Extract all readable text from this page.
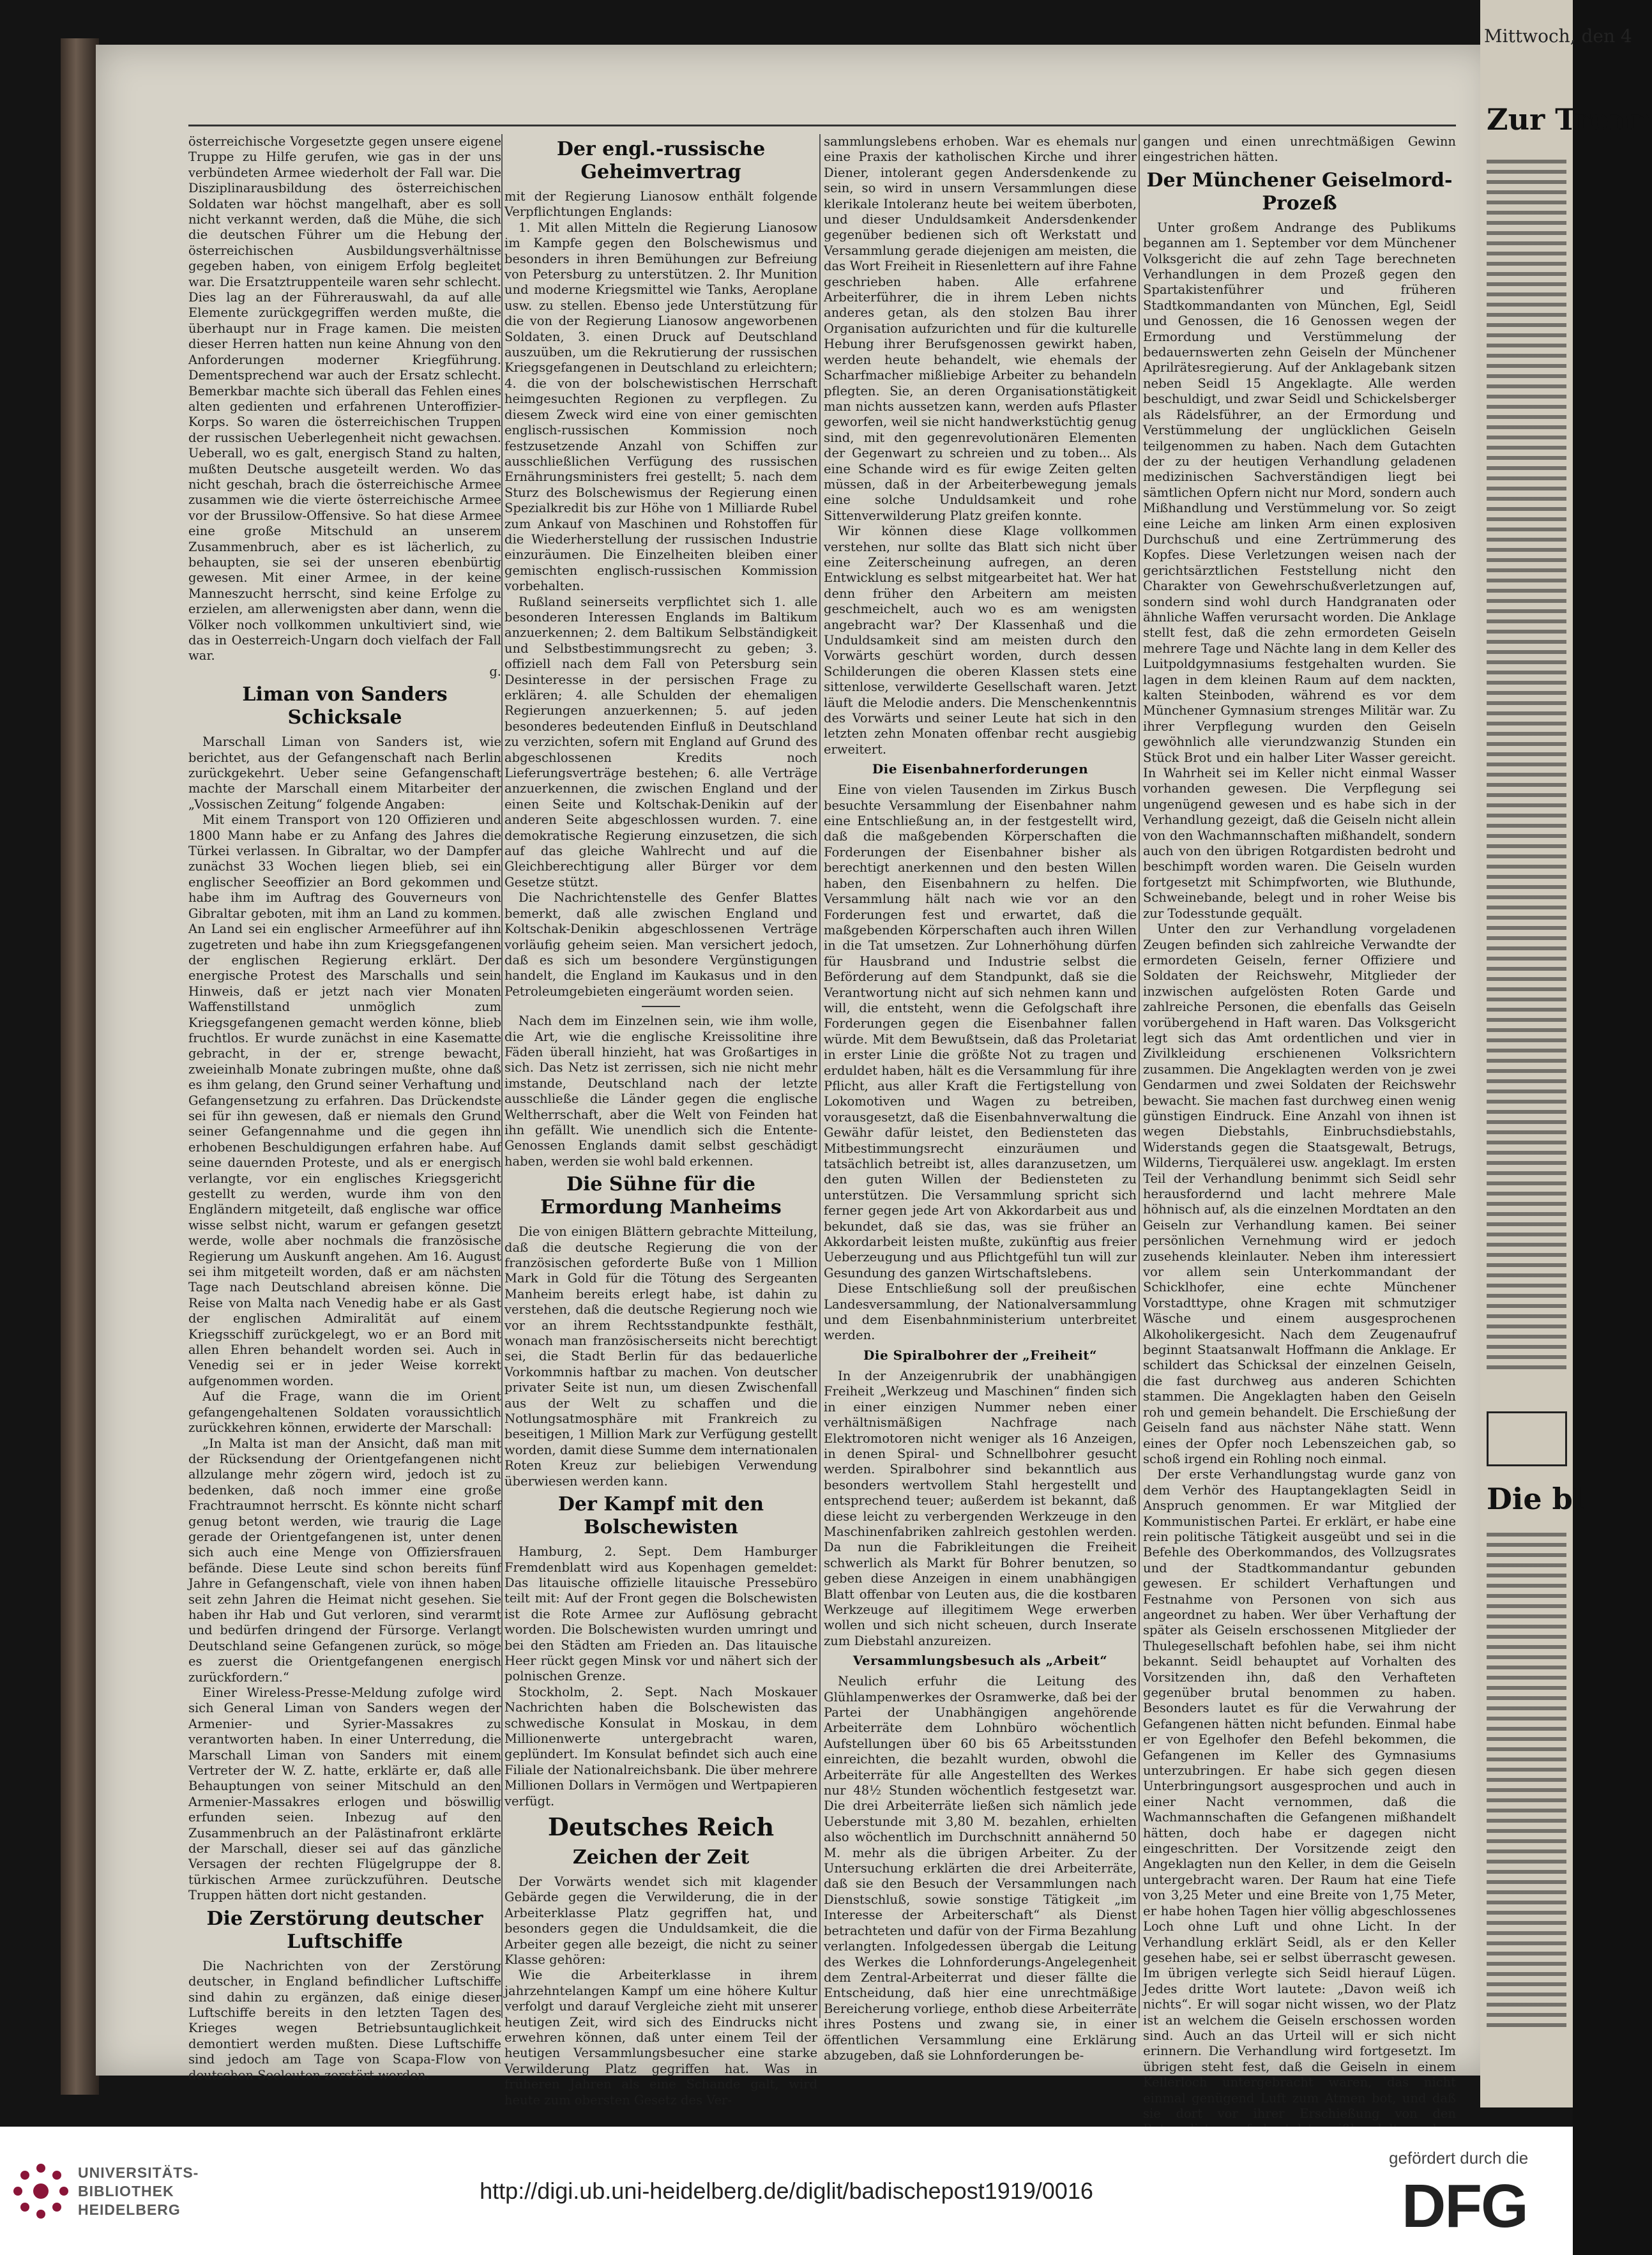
Mittwoch, den 4
Zur Trenn
Die bl

österreichische Vorgesetzte gegen unsere eigene Truppe zu Hilfe gerufen, wie gas in der uns verbündeten Armee wiederholt der Fall war. Die Disziplinarausbildung des österreichischen Soldaten war höchst mangelhaft, aber es soll nicht verkannt werden, daß die Mühe, die sich die deutschen Führer um die Hebung der österreichischen Ausbildungsverhältnisse gegeben haben, von einigem Erfolg begleitet war. Die Ersatztruppenteile waren sehr schlecht. Dies lag an der Führerauswahl, da auf alle Elemente zurückgegriffen werden mußte, die überhaupt nur in Frage kamen. Die meisten dieser Herren hatten nun keine Ahnung von den Anforderungen moderner Kriegführung. Dementsprechend war auch der Ersatz schlecht. Bemerkbar machte sich überall das Fehlen eines alten gedienten und erfahrenen Unteroffizier-Korps. So waren die österreichischen Truppen der russischen Ueberlegenheit nicht gewachsen. Ueberall, wo es galt, energisch Stand zu halten, mußten Deutsche ausgeteilt werden. Wo das nicht geschah, brach die österreichische Armee zusammen wie die vierte österreichische Armee vor der Brussilow-Offensive. So hat diese Armee eine große Mitschuld an unserem Zusammenbruch, aber es ist lächerlich, zu behaupten, sie sei der unseren ebenbürtig gewesen. Mit einer Armee, in der keine Manneszucht herrscht, sind keine Erfolge zu erzielen, am allerwenigsten aber dann, wenn die Völker noch vollkommen unkultiviert sind, wie das in Oesterreich-Ungarn doch vielfach der Fall war.

g.
Liman von Sanders Schicksale

Marschall Liman von Sanders ist, wie berichtet, aus der Gefangenschaft nach Berlin zurückgekehrt. Ueber seine Gefangenschaft machte der Marschall einem Mitarbeiter der „Vossischen Zeitung“ folgende Angaben:

Mit einem Transport von 120 Offizieren und 1800 Mann habe er zu Anfang des Jahres die Türkei verlassen. In Gibraltar, wo der Dampfer zunächst 33 Wochen liegen blieb, sei ein englischer Seeoffizier an Bord gekommen und habe ihm im Auftrag des Gouverneurs von Gibraltar geboten, mit ihm an Land zu kommen. An Land sei ein englischer Armeeführer auf ihn zugetreten und habe ihn zum Kriegsgefangenen der englischen Regierung erklärt. Der energische Protest des Marschalls und sein Hinweis, daß er jetzt nach vier Monaten Waffenstillstand unmöglich zum Kriegsgefangenen gemacht werden könne, blieb fruchtlos. Er wurde zunächst in eine Kasematte gebracht, in der er, strenge bewacht, zweieinhalb Monate zubringen mußte, ohne daß es ihm gelang, den Grund seiner Verhaftung und Gefangensetzung zu erfahren. Das Drückendste sei für ihn gewesen, daß er niemals den Grund seiner Gefangennahme und die gegen ihn erhobenen Beschuldigungen erfahren habe. Auf seine dauernden Proteste, und als er energisch verlangte, vor ein englisches Kriegsgericht gestellt zu werden, wurde ihm von den Engländern mitgeteilt, daß englische war office wisse selbst nicht, warum er gefangen gesetzt werde, wolle aber nochmals die französische Regierung um Auskunft angehen. Am 16. August sei ihm mitgeteilt worden, daß er am nächsten Tage nach Deutschland abreisen könne. Die Reise von Malta nach Venedig habe er als Gast der englischen Admiralität auf einem Kriegsschiff zurückgelegt, wo er an Bord mit allen Ehren behandelt worden sei. Auch in Venedig sei er in jeder Weise korrekt aufgenommen worden.

Auf die Frage, wann die im Orient gefangengehaltenen Soldaten voraussichtlich zurückkehren können, erwiderte der Marschall:

„In Malta ist man der Ansicht, daß man mit der Rücksendung der Orientgefangenen nicht allzulange mehr zögern wird, jedoch ist zu bedenken, daß noch immer eine große Frachtraumnot herrscht. Es könnte nicht scharf genug betont werden, wie traurig die Lage gerade der Orientgefangenen ist, unter denen sich auch eine Menge von Offiziersfrauen befände. Diese Leute sind schon bereits fünf Jahre in Gefangenschaft, viele von ihnen haben seit zehn Jahren die Heimat nicht gesehen. Sie haben ihr Hab und Gut verloren, sind verarmt und bedürfen dringend der Fürsorge. Verlangt Deutschland seine Gefangenen zurück, so möge es zuerst die Orientgefangenen energisch zurückfordern.“

Einer Wireless-Presse-Meldung zufolge wird sich General Liman von Sanders wegen der Armenier- und Syrier-Massakres zu verantworten haben. In einer Unterredung, die Marschall Liman von Sanders mit einem Vertreter der W. Z. hatte, erklärte er, daß alle Behauptungen von seiner Mitschuld an den Armenier-Massakres erlogen und böswillig erfunden seien. Inbezug auf den Zusammenbruch an der Palästinafront erklärte der Marschall, dieser sei auf das gänzliche Versagen der rechten Flügelgruppe der 8. türkischen Armee zurückzuführen. Deutsche Truppen hätten dort nicht gestanden.

Die Zerstörung deutscher Luftschiffe

Die Nachrichten von der Zerstörung deutscher, in England befindlicher Luftschiffe sind dahin zu ergänzen, daß einige dieser Luftschiffe bereits in den letzten Tagen des Krieges wegen Betriebsuntauglichkeit demontiert werden mußten. Diese Luftschiffe sind jedoch am Tage von Scapa-Flow von deutschen Seeleuten zerstört worden.

Der engl.-russische Geheimvertrag

mit der Regierung Lianosow enthält folgende Verpflichtungen Englands:

1. Mit allen Mitteln die Regierung Lianosow im Kampfe gegen den Bolschewismus und besonders in ihren Bemühungen zur Befreiung von Petersburg zu unterstützen. 2. Ihr Munition und moderne Kriegsmittel wie Tanks, Aeroplane usw. zu stellen. Ebenso jede Unterstützung für die von der Regierung Lianosow angeworbenen Soldaten, 3. einen Druck auf Deutschland auszuüben, um die Rekrutierung der russischen Kriegsgefangenen in Deutschland zu erleichtern; 4. die von der bolschewistischen Herrschaft heimgesuchten Regionen zu verpflegen. Zu diesem Zweck wird eine von einer gemischten englisch-russischen Kommission noch festzusetzende Anzahl von Schiffen zur ausschließlichen Verfügung des russischen Ernährungsministers frei gestellt; 5. nach dem Sturz des Bolschewismus der Regierung einen Spezialkredit bis zur Höhe von 1 Milliarde Rubel zum Ankauf von Maschinen und Rohstoffen für die Wiederherstellung der russischen Industrie einzuräumen. Die Einzelheiten bleiben einer gemischten englisch-russischen Kommission vorbehalten.

Rußland seinerseits verpflichtet sich 1. alle besonderen Interessen Englands im Baltikum anzuerkennen; 2. dem Baltikum Selbständigkeit und Selbstbestimmungsrecht zu geben; 3. offiziell nach dem Fall von Petersburg sein Desinteresse in der persischen Frage zu erklären; 4. alle Schulden der ehemaligen Regierungen anzuerkennen; 5. auf jeden besonderes bedeutenden Einfluß in Deutschland zu verzichten, sofern mit England auf Grund des abgeschlossenen Kredits noch Lieferungsverträge bestehen; 6. alle Verträge anzuerkennen, die zwischen England und der einen Seite und Koltschak-Denikin auf der anderen Seite abgeschlossen wurden. 7. eine demokratische Regierung einzusetzen, die sich auf das gleiche Wahlrecht und auf die Gleichberechtigung aller Bürger vor dem Gesetze stützt.

Die Nachrichtenstelle des Genfer Blattes bemerkt, daß alle zwischen England und Koltschak-Denikin abgeschlossenen Verträge vorläufig geheim seien. Man versichert jedoch, daß es sich um besondere Vergünstigungen handelt, die England im Kaukasus und in den Petroleumgebieten eingeräumt worden seien.

Nach dem im Einzelnen sein, wie ihm wolle, die Art, wie die englische Kreissolitine ihre Fäden überall hinzieht, hat was Großartiges in sich. Das Netz ist zerrissen, sich nie nicht mehr imstande, Deutschland nach der letzte ausschließe die Länder gegen die englische Weltherrschaft, aber die Welt von Feinden hat ihn gefällt. Wie unendlich sich die Entente-Genossen Englands damit selbst geschädigt haben, werden sie wohl bald erkennen.

Die Sühne für die Ermordung Manheims

Die von einigen Blättern gebrachte Mitteilung, daß die deutsche Regierung die von der französischen geforderte Buße von 1 Million Mark in Gold für die Tötung des Sergeanten Manheim bereits erlegt habe, ist dahin zu verstehen, daß die deutsche Regierung noch wie vor an ihrem Rechtsstandpunkte festhält, wonach man französischerseits nicht berechtigt sei, die Stadt Berlin für das bedauerliche Vorkommnis haftbar zu machen. Von deutscher privater Seite ist nun, um diesen Zwischenfall aus der Welt zu schaffen und die Notlungsatmosphäre mit Frankreich zu beseitigen, 1 Million Mark zur Verfügung gestellt worden, damit diese Summe dem internationalen Roten Kreuz zur beliebigen Verwendung überwiesen werden kann.

Der Kampf mit den Bolschewisten

Hamburg, 2. Sept. Dem Hamburger Fremdenblatt wird aus Kopenhagen gemeldet: Das litauische offizielle litauische Pressebüro teilt mit: Auf der Front gegen die Bolschewisten ist die Rote Armee zur Auflösung gebracht worden. Die Bolschewisten wurden umringt und bei den Städten am Frieden an. Das litauische Heer rückt gegen Minsk vor und nähert sich der polnischen Grenze.

Stockholm, 2. Sept. Nach Moskauer Nachrichten haben die Bolschewisten das schwedische Konsulat in Moskau, in dem Millionenwerte untergebracht waren, geplündert. Im Konsulat befindet sich auch eine Filiale der Nationalreichsbank. Die über mehrere Millionen Dollars in Vermögen und Wertpapieren verfügt.

Deutsches Reich
Zeichen der Zeit

Der Vorwärts wendet sich mit klagender Gebärde gegen die Verwilderung, die in der Arbeiterklasse Platz gegriffen hat, und besonders gegen die Unduldsamkeit, die die Arbeiter gegen alle bezeigt, die nicht zu seiner Klasse gehören:

Wie die Arbeiterklasse in ihrem jahrzehntelangen Kampf um eine höhere Kultur verfolgt und darauf Vergleiche zieht mit unserer heutigen Zeit, wird sich des Eindrucks nicht erwehren können, daß unter einem Teil der heutigen Versammlungsbesucher eine starke Verwilderung Platz gegriffen hat. Was in früheren Jahren als eine Schande galt, wird heute zum obersten Gesetz des Ver-

sammlungslebens erhoben. War es ehemals nur eine Praxis der katholischen Kirche und ihrer Diener, intolerant gegen Andersdenkende zu sein, so wird in unsern Versammlungen diese klerikale Intoleranz heute bei weitem überboten, und dieser Unduldsamkeit Andersdenkender gegenüber bedienen sich oft Werkstatt und Versammlung gerade diejenigen am meisten, die das Wort Freiheit in Riesenlettern auf ihre Fahne geschrieben haben. Alle erfahrene Arbeiterführer, die in ihrem Leben nichts anderes getan, als den stolzen Bau ihrer Organisation aufzurichten und für die kulturelle Hebung ihrer Berufsgenossen gewirkt haben, werden heute behandelt, wie ehemals der Scharfmacher mißliebige Arbeiter zu behandeln pflegten. Sie, an deren Organisationstätigkeit man nichts aussetzen kann, werden aufs Pflaster geworfen, weil sie nicht handwerkstüchtig genug sind, mit den gegenrevolutionären Elementen der Gegenwart zu schreien und zu toben... Als eine Schande wird es für ewige Zeiten gelten müssen, daß in der Arbeiterbewegung jemals eine solche Unduldsamkeit und rohe Sittenverwilderung Platz greifen konnte.

Wir können diese Klage vollkommen verstehen, nur sollte das Blatt sich nicht über eine Zeiterscheinung aufregen, an deren Entwicklung es selbst mitgearbeitet hat. Wer hat denn früher den Arbeitern am meisten geschmeichelt, auch wo es am wenigsten angebracht war? Der Klassenhaß und die Unduldsamkeit sind am meisten durch den Vorwärts geschürt worden, durch dessen Schilderungen die oberen Klassen stets eine sittenlose, verwilderte Gesellschaft waren. Jetzt läuft die Melodie anders. Die Menschenkenntnis des Vorwärts und seiner Leute hat sich in den letzten zehn Monaten offenbar recht ausgiebig erweitert.

Die Eisenbahnerforderungen

Eine von vielen Tausenden im Zirkus Busch besuchte Versammlung der Eisenbahner nahm eine Entschließung an, in der festgestellt wird, daß die maßgebenden Körperschaften die Forderungen der Eisenbahner bisher als berechtigt anerkennen und den besten Willen haben, den Eisenbahnern zu helfen. Die Versammlung hält nach wie vor an den Forderungen fest und erwartet, daß die maßgebenden Körperschaften auch ihren Willen in die Tat umsetzen. Zur Lohnerhöhung dürfen für Hausbrand und Industrie selbst die Beförderung auf dem Standpunkt, daß sie die Verantwortung nicht auf sich nehmen kann und will, die entsteht, wenn die Gefolgschaft ihre Forderungen gegen die Eisenbahner fallen würde. Mit dem Bewußtsein, daß das Proletariat in erster Linie die größte Not zu tragen und erduldet haben, hält es die Versammlung für ihre Pflicht, aus aller Kraft die Fertigstellung von Lokomotiven und Wagen zu betreiben, vorausgesetzt, daß die Eisenbahnverwaltung die Gewähr dafür leistet, den Bediensteten das Mitbestimmungsrecht einzuräumen und tatsächlich betreibt ist, alles daranzusetzen, um den guten Willen der Bediensteten zu unterstützen. Die Versammlung spricht sich ferner gegen jede Art von Akkordarbeit aus und bekundet, daß sie das, was sie früher an Akkordarbeit leisten mußte, zukünftig aus freier Ueberzeugung und aus Pflichtgefühl tun will zur Gesundung des ganzen Wirtschaftslebens.

Diese Entschließung soll der preußischen Landesversammlung, der Nationalversammlung und dem Eisenbahnministerium unterbreitet werden.

Die Spiralbohrer der „Freiheit“

In der Anzeigenrubrik der unabhängigen Freiheit „Werkzeug und Maschinen“ finden sich in einer einzigen Nummer neben einer verhältnismäßigen Nachfrage nach Elektromotoren nicht weniger als 16 Anzeigen, in denen Spiral- und Schnellbohrer gesucht werden. Spiralbohrer sind bekanntlich aus besonders wertvollem Stahl hergestellt und entsprechend teuer; außerdem ist bekannt, daß diese leicht zu verbergenden Werkzeuge in den Maschinenfabriken zahlreich gestohlen werden. Da nun die Fabrikleitungen die Freiheit schwerlich als Markt für Bohrer benutzen, so geben diese Anzeigen in einem unabhängigen Blatt offenbar von Leuten aus, die die kostbaren Werkzeuge auf illegitimem Wege erwerben wollen und sich nicht scheuen, durch Inserate zum Diebstahl anzureizen.

Versammlungsbesuch als „Arbeit“

Neulich erfuhr die Leitung des Glühlampenwerkes der Osramwerke, daß bei der Partei der Unabhängigen angehörende Arbeiterräte dem Lohnbüro wöchentlich Aufstellungen über 60 bis 65 Arbeitsstunden einreichten, die bezahlt wurden, obwohl die Arbeiterräte für alle Angestellten des Werkes nur 48½ Stunden wöchentlich festgesetzt war. Die drei Arbeiterräte ließen sich nämlich jede Ueberstunde mit 3,80 M. bezahlen, erhielten also wöchentlich im Durchschnitt annähernd 50 M. mehr als die übrigen Arbeiter. Zu der Untersuchung erklärten die drei Arbeiterräte, daß sie den Besuch der Versammlungen nach Dienstschluß, sowie sonstige Tätigkeit „im Interesse der Arbeiterschaft“ als Dienst betrachteten und dafür von der Firma Bezahlung verlangten. Infolgedessen übergab die Leitung des Werkes die Lohnforderungs-Angelegenheit dem Zentral-Arbeiterrat und dieser fällte die Entscheidung, daß hier eine unrechtmäßige Bereicherung vorliege, enthob diese Arbeiterräte ihres Postens und zwang sie, in einer öffentlichen Versammlung eine Erklärung abzugeben, daß sie Lohnforderungen be-

gangen und einen unrechtmäßigen Gewinn eingestrichen hätten.

Der Münchener Geiselmord-Prozeß

Unter großem Andrange des Publikums begannen am 1. September vor dem Münchener Volksgericht die auf zehn Tage berechneten Verhandlungen in dem Prozeß gegen den Spartakistenführer und früheren Stadtkommandanten von München, Egl, Seidl und Genossen, die 16 Genossen wegen der Ermordung und Verstümmelung der bedauernswerten zehn Geiseln der Münchener Aprilrätesregierung. Auf der Anklagebank sitzen neben Seidl 15 Angeklagte. Alle werden beschuldigt, und zwar Seidl und Schickelsberger als Rädelsführer, an der Ermordung und Verstümmelung der unglücklichen Geiseln teilgenommen zu haben. Nach dem Gutachten der zu der heutigen Verhandlung geladenen medizinischen Sachverständigen liegt bei sämtlichen Opfern nicht nur Mord, sondern auch Mißhandlung und Verstümmelung vor. So zeigt eine Leiche am linken Arm einen explosiven Durchschuß und eine Zertrümmerung des Kopfes. Diese Verletzungen weisen nach der gerichtsärztlichen Feststellung nicht den Charakter von Gewehrschußverletzungen auf, sondern sind wohl durch Handgranaten oder ähnliche Waffen verursacht worden. Die Anklage stellt fest, daß die zehn ermordeten Geiseln mehrere Tage und Nächte lang in dem Keller des Luitpoldgymnasiums festgehalten wurden. Sie lagen in dem kleinen Raum auf dem nackten, kalten Steinboden, während es vor dem Münchener Gymnasium strenges Militär war. Zu ihrer Verpflegung wurden den Geiseln gewöhnlich alle vierundzwanzig Stunden ein Stück Brot und ein halber Liter Wasser gereicht. In Wahrheit sei im Keller nicht einmal Wasser vorhanden gewesen. Die Verpflegung sei ungenügend gewesen und es habe sich in der Verhandlung gezeigt, daß die Geiseln nicht allein von den Wachmannschaften mißhandelt, sondern auch von den übrigen Rotgardisten bedroht und beschimpft worden waren. Die Geiseln wurden fortgesetzt mit Schimpfworten, wie Bluthunde, Schweinebande, belegt und in roher Weise bis zur Todesstunde gequält.

Unter den zur Verhandlung vorgeladenen Zeugen befinden sich zahlreiche Verwandte der ermordeten Geiseln, ferner Offiziere und Soldaten der Reichswehr, Mitglieder der inzwischen aufgelösten Roten Garde und zahlreiche Personen, die ebenfalls das Geiseln vorübergehend in Haft waren. Das Volksgericht legt sich das Amt ordentlichen und vier in Zivilkleidung erschienenen Volksrichtern zusammen. Die Angeklagten werden von je zwei Gendarmen und zwei Soldaten der Reichswehr bewacht. Sie machen fast durchweg einen wenig günstigen Eindruck. Eine Anzahl von ihnen ist wegen Diebstahls, Einbruchsdiebstahls, Widerstands gegen die Staatsgewalt, Betrugs, Wilderns, Tierquälerei usw. angeklagt. Im ersten Teil der Verhandlung benimmt sich Seidl sehr herausfordernd und lacht mehrere Male höhnisch auf, als die einzelnen Mordtaten an den Geiseln zur Verhandlung kamen. Bei seiner persönlichen Vernehmung wird er jedoch zusehends kleinlauter. Neben ihm interessiert vor allem sein Unterkommandant der Schicklhofer, eine echte Münchener Vorstadttype, ohne Kragen mit schmutziger Wäsche und einem ausgesprochenen Alkoholikergesicht. Nach dem Zeugenaufruf beginnt Staatsanwalt Hoffmann die Anklage. Er schildert das Schicksal der einzelnen Geiseln, die fast durchweg aus anderen Schichten stammen. Die Angeklagten haben den Geiseln roh und gemein behandelt. Die Erschießung der Geiseln fand aus nächster Nähe statt. Wenn eines der Opfer noch Lebenszeichen gab, so schoß irgend ein Rohling noch einmal.

Der erste Verhandlungstag wurde ganz von dem Verhör des Hauptangeklagten Seidl in Anspruch genommen. Er war Mitglied der Kommunistischen Partei. Er erklärt, er habe eine rein politische Tätigkeit ausgeübt und sei in die Befehle des Oberkommandos, des Vollzugsrates und der Stadtkommandantur gebunden gewesen. Er schildert Verhaftungen und Festnahme von Personen von sich aus angeordnet zu haben. Wer über Verhaftung der später als Geiseln erschossenen Mitglieder der Thulegesellschaft befohlen habe, sei ihm nicht bekannt. Seidl behauptet auf Vorhalten des Vorsitzenden ihn, daß den Verhafteten gegenüber brutal benommen zu haben. Besonders lautet es für die Verwahrung der Gefangenen hätten nicht befunden. Einmal habe er von Egelhofer den Befehl bekommen, die Gefangenen im Keller des Gymnasiums unterzubringen. Er habe sich gegen diesen Unterbringungsort ausgesprochen und auch in einer Nacht vernommen, daß die Wachmannschaften die Gefangenen mißhandelt hätten, doch habe er dagegen nicht eingeschritten. Der Vorsitzende zeigt den Angeklagten nun den Keller, in dem die Geiseln untergebracht waren. Der Raum hat eine Tiefe von 3,25 Meter und eine Breite von 1,75 Meter, er habe hohen Tagen hier völlig abgeschlossenes Loch ohne Luft und ohne Licht. In der Verhandlung erklärt Seidl, als er den Keller gesehen habe, sei er selbst überrascht gewesen. Im übrigen verlegte sich Seidl hierauf Lügen. Jedes dritte Wort lautete: „Davon weiß ich nichts“. Er will sogar nicht wissen, wo der Platz ist an welchem die Geiseln erschossen worden sind. Auch an das Urteil will er sich nicht erinnern. Die Verhandlung wird fortgesetzt. Im übrigen steht fest, daß die Geiseln in einem Kellerloch untergebracht waren, das nicht einmal genügend Luft zum Atmen bot, und daß sie dort vor ihrer Erschießung von den

UNIVERSITÄTS-
BIBLIOTHEK
HEIDELBERG
http://digi.ub.uni-heidelberg.de/diglit/badischepost1919/0016
gefördert durch die
DFG
